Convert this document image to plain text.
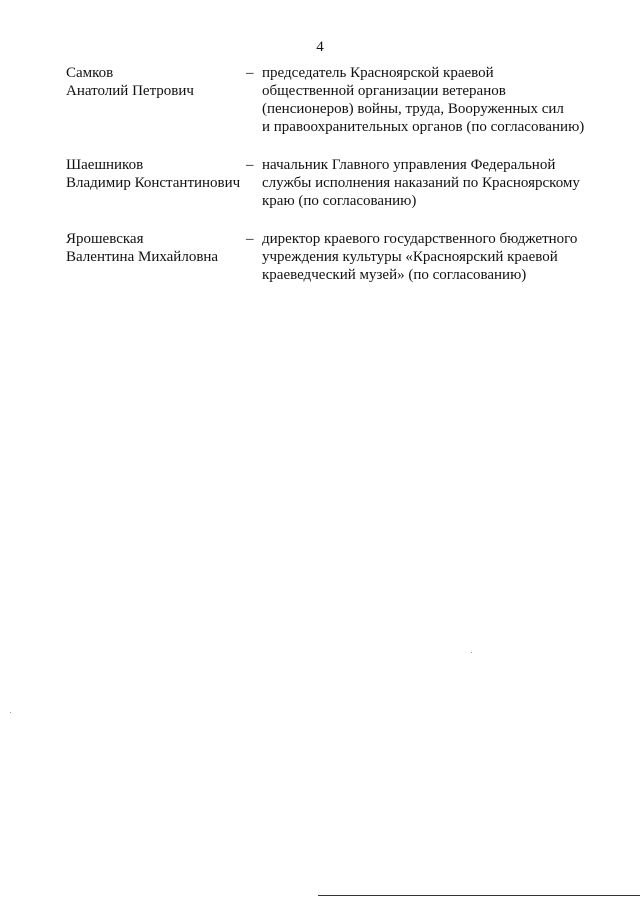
4
Самков
Анатолий Петрович
– председатель Красноярской краевой
общественной организации ветеранов
(пенсионеров) войны, труда, Вооруженных сил
и правоохранительных органов (по согласованию)
Шаешников
Владимир Константинович
– начальник Главного управления Федеральной
службы исполнения наказаний по Красноярскому
краю (по согласованию)
Ярошевская
Валентина Михайловна
– директор краевого государственного бюджетного
учреждения культуры «Красноярский краевой
краеведческий музей» (по согласованию)
